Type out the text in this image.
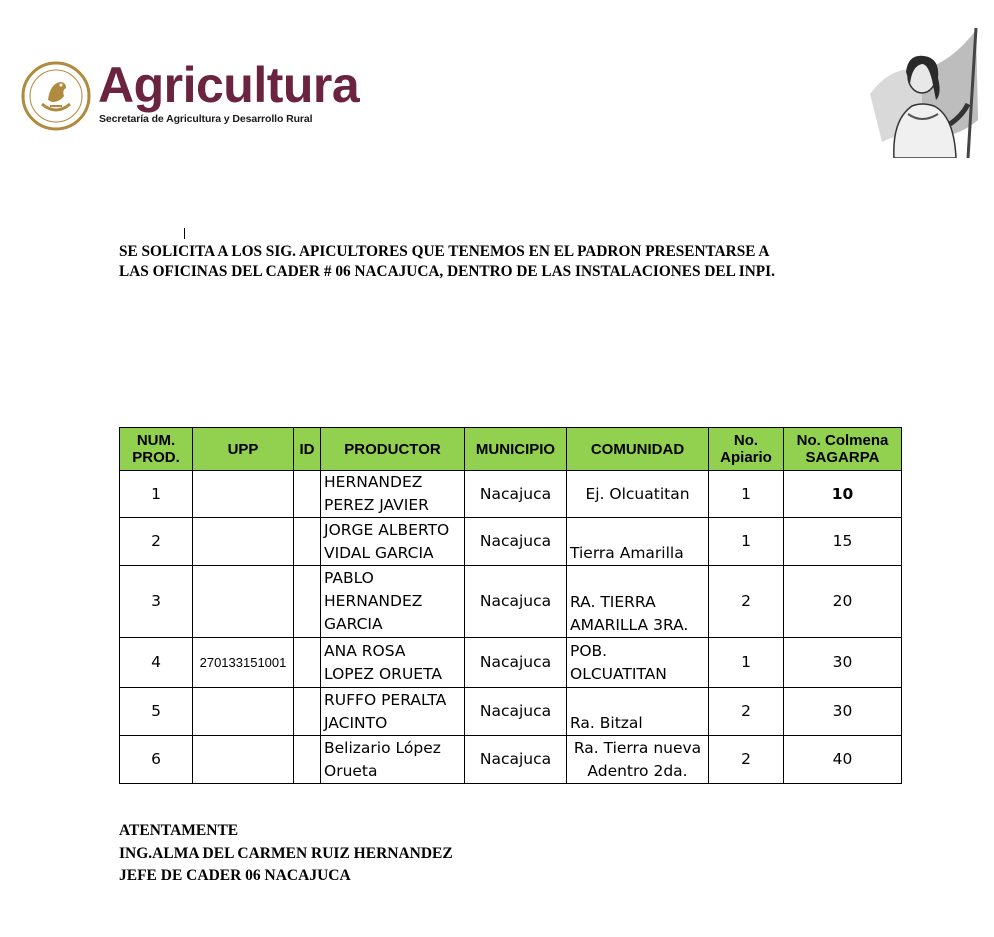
Agricultura
Secretaría de Agricultura y Desarrollo Rural
SE SOLICITA A LOS SIG. APICULTORES QUE TENEMOS EN EL PADRON PRESENTARSE A
LAS OFICINAS DEL CADER # 06 NACAJUCA, DENTRO DE LAS INSTALACIONES DEL INPI.
NUM.
PROD.	UPP	ID	PRODUCTOR	MUNICIPIO	COMUNIDAD	No.
Apiario	No. Colmena
SAGARPA
1			HERNANDEZ
PEREZ JAVIER	Nacajuca	Ej. Olcuatitan	1	10
2			JORGE ALBERTO
VIDAL GARCIA	Nacajuca	Tierra Amarilla	1	15
3			PABLO
HERNANDEZ
GARCIA	Nacajuca	RA. TIERRA
AMARILLA 3RA.	2	20
4	270133151001		ANA ROSA
LOPEZ ORUETA	Nacajuca	POB.
OLCUATITAN	1	30
5			RUFFO PERALTA
JACINTO	Nacajuca	Ra. Bitzal	2	30
6			Belizario López
Orueta	Nacajuca	Ra. Tierra nueva
Adentro 2da.	2	40
ATENTAMENTE
ING.ALMA DEL CARMEN RUIZ HERNANDEZ
JEFE DE CADER 06 NACAJUCA
